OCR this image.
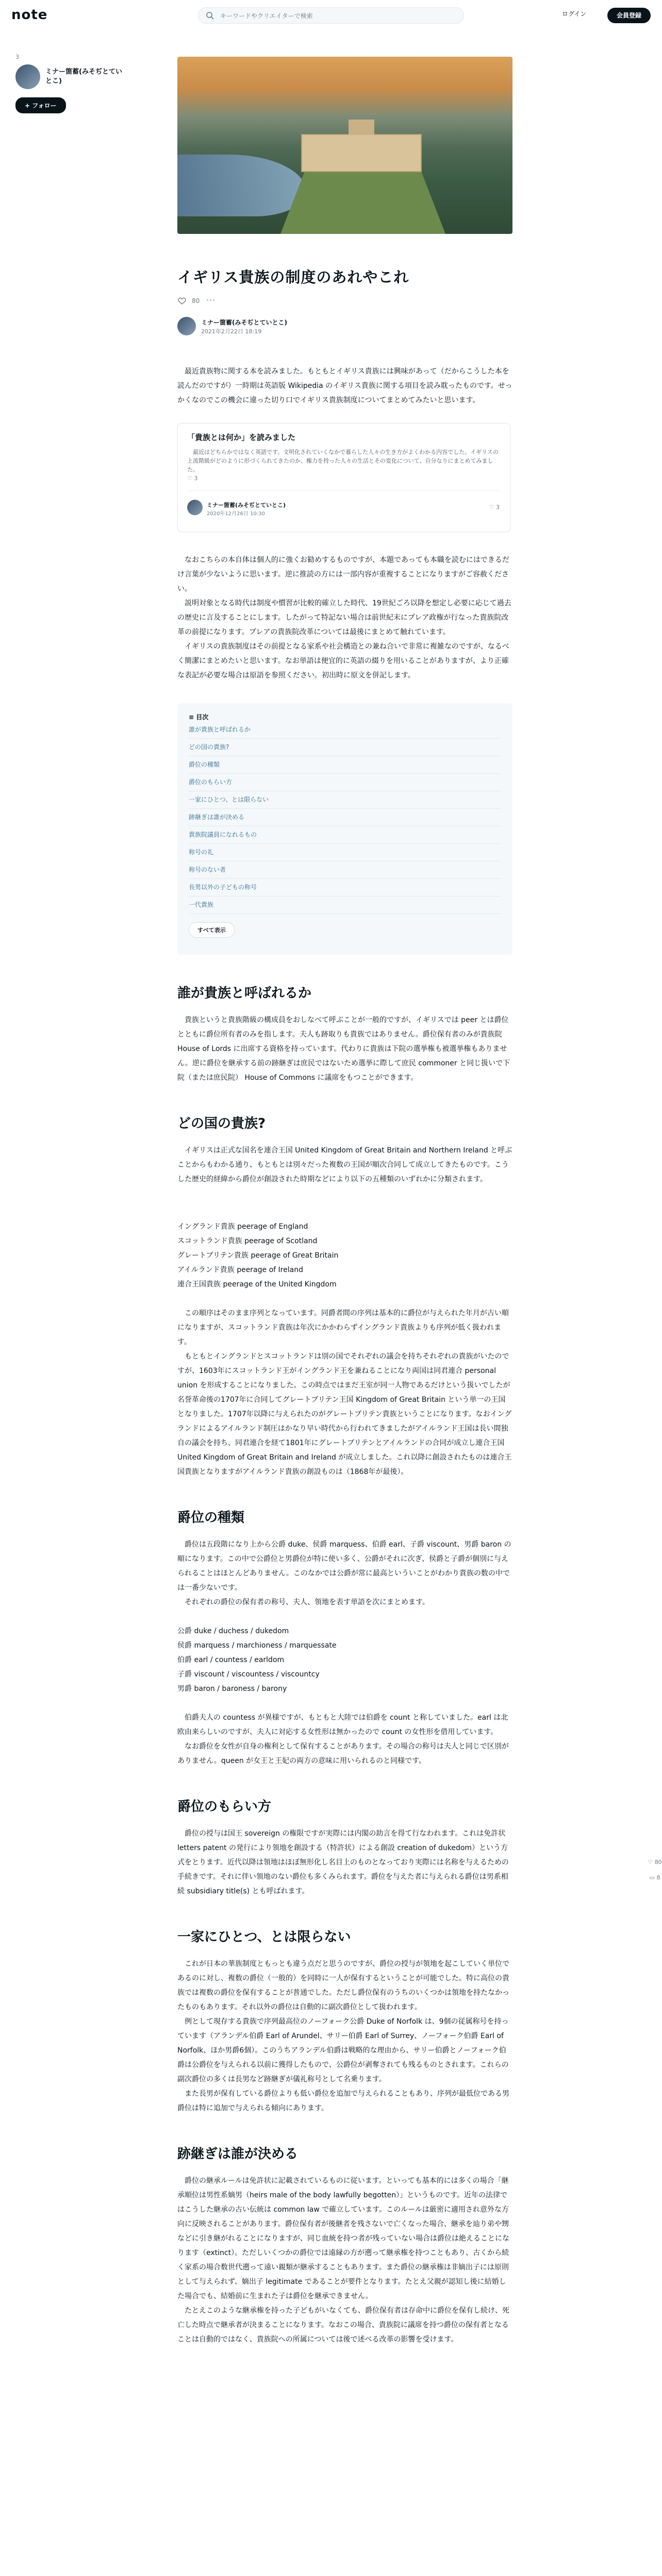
note
キーワードやクリエイターで検索	ログイン	会員登録
3
ミナー箇蓄(みそぢとていとこ)
+ フォロー
イギリス貴族の制度のあれやこれ
80 ···
ミナー箇蓄(みそぢとていとこ)
2021年2月22日 18:19

　最近貴族物に関する本を読みました。もともとイギリス貴族には興味があって（だからこうした本を読んだのですが）一時期は英語版 Wikipedia のイギリス貴族に関する項目を読み耽ったものです。せっかくなのでこの機会に違った切り口でイギリス貴族制度についてまとめてみたいと思います。

「貴族とは何か」を読みました
　最近はどちらかではなく英語です。文明化されていくなかで暮らした人々の生き方がよくわかる内容でした。イギリスの上流階級がどのように形づくられてきたのか、権力を持った人々の生活とその変化について、自分なりにまとめてみました。
♡ 3
ミナー箇蓄(みそぢとていとこ)
2020年12月26日 10:30
♡ 3

　なおこちらの本自体は個人的に強くお勧めするものですが、本題であっても本職を読むにはできるだけ言葉が少ないように思います。逆に推読の方には一部内容が重複することになりますがご容赦ください。
　説明対象となる時代は制度や慣習が比較的確立した時代、19世紀ごろ以降を想定し必要に応じて過去の歴史に言及することにします。したがって特記ない場合は前世紀末にプレア政権が行なった貴族院改革の前提になります。プレアの貴族院改革については最後にまとめて触れています。
　イギリスの貴族制度はその前提となる家系や社会構造との兼ね合いで非常に複雑なのですが、なるべく簡潔にまとめたいと思います。なお単語は便宜的に英語の綴りを用いることがありますが、より正確な表記が必要な場合は原語を参照ください。初出時に原文を併記します。

≡ 目次
誰が貴族と呼ばれるか
どの国の貴族?
爵位の種類
爵位のもらい方
一家にひとつ、とは限らない
跡継ぎは誰が決める
貴族院議員になれるもの
称号の礼
称号のない者
長男以外の子どもの称号
一代貴族
すべて表示
誰が貴族と呼ばれるか

　貴族というと貴族階級の構成員をおしなべて呼ぶことが一般的ですが、イギリスでは peer とは爵位とともに爵位所有者のみを指します。夫人も跡取りも貴族ではありません。爵位保有者のみが貴族院 House of Lords に出席する資格を持っています。代わりに貴族は下院の選挙権も被選挙権もありません。逆に爵位を継承する前の跡継ぎは庶民ではないため選挙に際して庶民 commoner と同じ扱いで下院（または庶民院） House of Commons に議席をもつことができます。

どの国の貴族?

　イギリスは正式な国名を連合王国 United Kingdom of Great Britain and Northern Ireland と呼ぶことからもわかる通り、もともとは別々だった複数の王国が順次合同して成立してきたものです。こうした歴史的経緯から爵位が創設された時期などにより以下の五種類のいずれかに分類されます。

イングランド貴族 peerage of England
スコットランド貴族 peerage of Scotland
グレートブリテン貴族 peerage of Great Britain
アイルランド貴族 peerage of Ireland
連合王国貴族 peerage of the United Kingdom

　この順序はそのまま序列となっています。同爵者間の序列は基本的に爵位が与えられた年月が古い順になりますが、スコットランド貴族は年次にかかわらずイングランド貴族よりも序列が低く扱われます。
　もともとイングランドとスコットランドは別の国でそれぞれの議会を持ちそれぞれの貴族がいたのですが、1603年にスコットランド王がイングランド王を兼ねることになり両国は同君連合 personal union を形成することになりました。この時点ではまだ王室が同一人物であるだけという扱いでしたが名誉革命後の1707年に合同してグレートブリテン王国 Kingdom of Great Britain という単一の王国となりました。1707年以降に与えられたのがグレートブリテン貴族ということになります。なおイングランドによるアイルランド制圧はかなり早い時代から行われてきましたがアイルランド王国は長い間独自の議会を持ち、同君連合を経て1801年にグレートブリテンとアイルランドの合同が成立し連合王国 United Kingdom of Great Britain and Ireland が成立しました。これ以降に創設されたものは連合王国貴族となりますがアイルランド貴族の創設ものは（1868年が最後）。

爵位の種類

　爵位は五段階になり上から公爵 duke、侯爵 marquess、伯爵 earl、子爵 viscount、男爵 baron の順になります。この中で公爵位と男爵位が特に使い多く、公爵がそれに次ぎ、侯爵と子爵が個別に与えられることはほとんどありません。このなかでは公爵が常に最高といういことがわかり貴族の数の中では一番少ないです。
　それぞれの爵位の保有者の称号、夫人、領地を表す単語を次にまとめます。

公爵 duke / duchess / dukedom
侯爵 marquess / marchioness / marquessate
伯爵 earl / countess / earldom
子爵 viscount / viscountess / viscountcy
男爵 baron / baroness / barony

　伯爵夫人の countess が異様ですが、もともと大陸では伯爵を count と称していました。earl は北欧由来らしいのですが、夫人に対応する女性形は無かったので count の女性形を借用しています。
　なお爵位を女性が自身の権利として保有することがあります。その場合の称号は夫人と同じで区別がありません。queen が女王と王妃の両方の意味に用いられるのと同様です。

爵位のもらい方

　爵位の授与は国王 sovereign の権限ですが実際には内閣の助言を得て行なわれます。これは免許状 letters patent の発行により領地を創設する（特許状）による創設 creation of dukedom）という方式をとります。近代以降は領地はほぼ無形化し名目上のものとなっており実際には名称を与えるための手続きです。それに伴い領地のない爵位も多くみられます。爵位を与えた者に与えられる爵位は男系相続 subsidiary title(s) とも呼ばれます。

一家にひとつ、とは限らない

　これが日本の華族制度ともっとも違う点だと思うのですが、爵位の授与が領地を起こしていく単位であるのに対し、複数の爵位（一般的）を同時に一人が保有するということが可能でした。特に高位の貴族では複数の爵位を保有することが普通でした。ただし爵位保有のうちのいくつかは領地を持たなかったものもあります。それ以外の爵位は自動的に副次爵位として扱われます。
　例として現存する貴族で序列最高位のノーフォーク公爵 Duke of Norfolk は、9個の従属称号を持っています（アランデル伯爵 Earl of Arundel、サリー伯爵 Earl of Surrey、ノーフォーク伯爵 Earl of Norfolk、ほか男爵6個）。このうちアランデル伯爵は戦略的な理由から、サリー伯爵とノーフォーク伯爵は公爵位を与えられる以前に獲得したもので、公爵位が剥奪されても残るものとされます。これらの副次爵位の多くは長男など跡継ぎが儀礼称号として名乗ります。
　また長男が保有している爵位よりも低い爵位を追加で与えられることもあり、序列が最低位である男爵位は特に追加で与えられる傾向にあります。

跡継ぎは誰が決める

　爵位の継承ルールは免許状に記載されているものに従います。といっても基本的には多くの場合「継承順位は男性系嫡男（heirs male of the body lawfully begotten）」というものです。近年の法律ではこうした継承の古い伝統は common law で確立しています。このルールは厳密に適用され意外な方向に反映されることがあります。爵位保有者が後継者を残さないで亡くなった場合、継承を辿り弟や甥などに引き継がれることになりますが、同じ血統を持つ者が残っていない場合は爵位は絶えることになります（extinct）。ただしいくつかの爵位では遠縁の方が遡って継承権を持つこともあり、古くから続く家系の場合数世代遡って遠い親類が継承することもあります。また爵位の継承権は非嫡出子には原則として与えられず、嫡出子 legitimate であることが要件となります。たとえ父親が認知し後に結婚した場合でも、結婚前に生まれた子は爵位を継承できません。
　たとえこのような継承権を持った子どもがいなくても、爵位保有者は存命中に爵位を保有し続け、死亡した時点で継承者が決まることになります。なおこの場合、貴族院に議席を持つ爵位の保有者となることは自動的ではなく、貴族院への所属については後で述べる改革の影響を受けます。

♡ 80
▭ 8
